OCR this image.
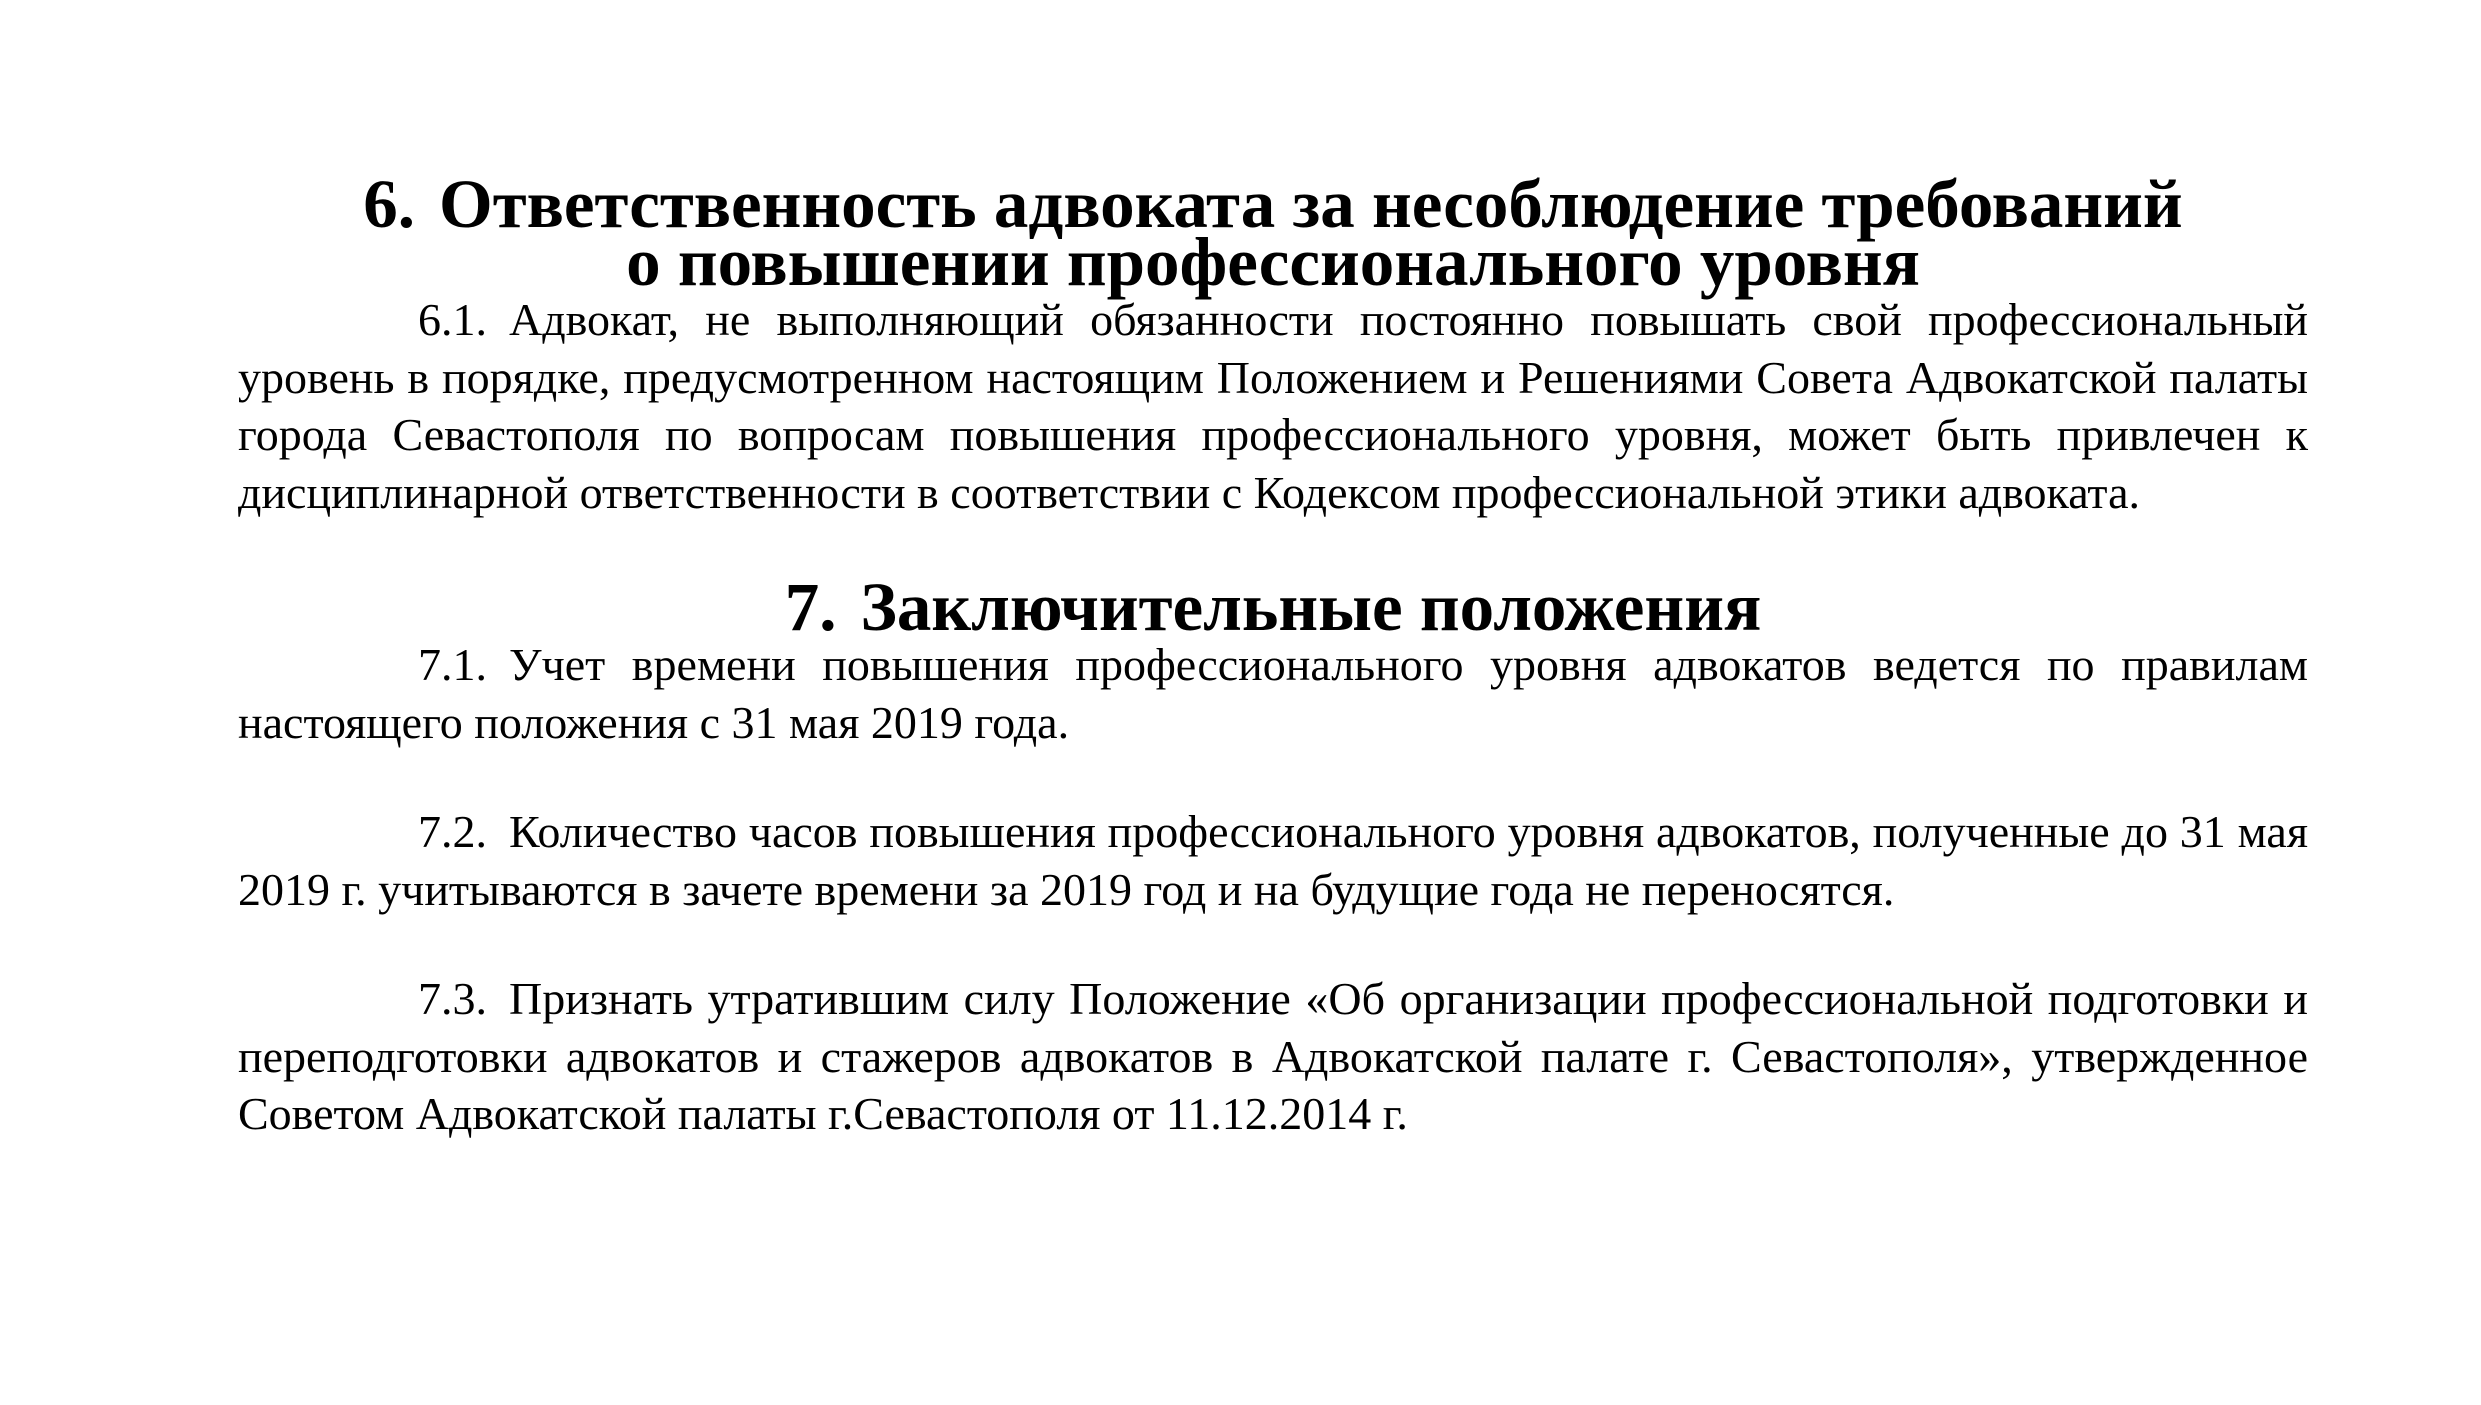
6. Ответственность адвоката за несоблюдение требований
о повышении профессионального уровня

6.1. Адвокат, не выполняющий обязанности постоянно повышать свой профессиональный уровень в порядке, предусмотренном настоящим Положением и Решениями Совета Адвокатской палаты города Севастополя по вопросам повышения профессионального уровня, может быть привлечен к дисциплинарной ответственности в соответствии с Кодексом профессиональной этики адвоката.

7. Заключительные положения

7.1. Учет времени повышения профессионального уровня адвокатов ведется по правилам настоящего положения с 31 мая 2019 года.

7.2. Количество часов повышения профессионального уровня адвокатов, полученные до 31 мая 2019 г. учитываются в зачете времени за 2019 год и на будущие года не переносятся.

7.3. Признать утратившим силу Положение «Об организации профессиональной подготовки и переподготовки адвокатов и стажеров адвокатов в Адвокатской палате г. Севастополя», утвержденное Советом Адвокатской палаты г.Севастополя от 11.12.2014 г.
